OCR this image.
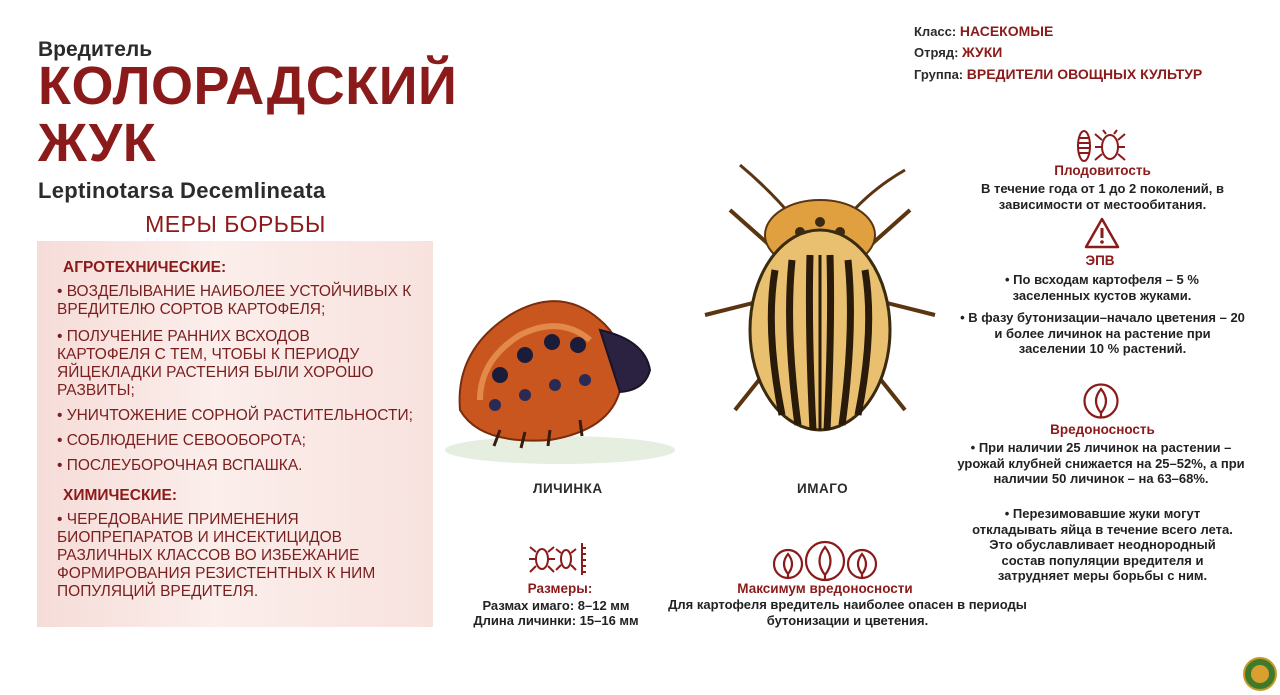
Вредитель
КОЛОРАДСКИЙ
ЖУК
Leptinotarsa Decemlineata
МЕРЫ БОРЬБЫ
АГРОТЕХНИЧЕСКИЕ:
• ВОЗДЕЛЫВАНИЕ НАИБОЛЕЕ УСТОЙЧИВЫХ К ВРЕДИТЕЛЮ СОРТОВ КАРТОФЕЛЯ;
• ПОЛУЧЕНИЕ РАННИХ ВСХОДОВ КАРТОФЕЛЯ С ТЕМ, ЧТОБЫ К ПЕРИОДУ ЯЙЦЕКЛАДКИ РАСТЕНИЯ БЫЛИ ХОРОШО РАЗВИТЫ;
• УНИЧТОЖЕНИЕ СОРНОЙ РАСТИТЕЛЬНОСТИ;
• СОБЛЮДЕНИЕ СЕВООБОРОТА;
• ПОСЛЕУБОРОЧНАЯ ВСПАШКА.
ХИМИЧЕСКИЕ:
• ЧЕРЕДОВАНИЕ ПРИМЕНЕНИЯ БИОПРЕПАРАТОВ И ИНСЕКТИЦИДОВ РАЗЛИЧНЫХ КЛАССОВ ВО ИЗБЕЖАНИЕ ФОРМИРОВАНИЯ РЕЗИСТЕНТНЫХ К НИМ ПОПУЛЯЦИЙ ВРЕДИТЕЛЯ.
Класс: НАСЕКОМЫЕ
Отряд: ЖУКИ
Группа: ВРЕДИТЕЛИ ОВОЩНЫХ КУЛЬТУР
ЛИЧИНКА	ИМАГО
Размеры:
Размах имаго: 8–12 мм
Длина личинки: 15–16 мм
Максимум вредоносности
Для картофеля вредитель наиболее опасен в периоды бутонизации и цветения.
Плодовитость
В течение года от 1 до 2 поколений, в зависимости от местообитания.
ЭПВ
• По всходам картофеля – 5 % заселенных кустов жуками.
• В фазу бутонизации–начало цветения – 20 и более личинок на растение при заселении 10 % растений.
Вредоносность
• При наличии 25 личинок на растении – урожай клубней снижается на 25–52%, а при наличии 50 личинок – на 63–68%.
• Перезимовавшие жуки могут откладывать яйца в течение всего лета. Это обуславливает неоднородный состав популяции вредителя и затрудняет меры борьбы с ним.
